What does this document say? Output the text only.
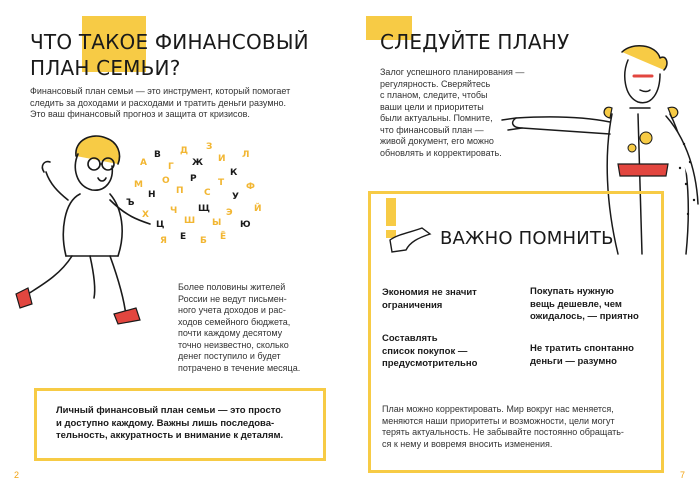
ЧТО ТАКОЕ ФИНАНСОВЫЙ
ПЛАН СЕМЬИ?
Финансовый план семьи — это инструмент, который помогает
следить за доходами и расходами и тратить деньги разумно.
Это ваш финансовый прогноз и защита от кризисов.
A
B
Г
Д
Ж
З
И
К
Л
М
Н
О
П
Р
С
Т
У
Ф
Х
Ц
Ч
Ш
Щ
Ы
Э
Ю
Я Е Б Ё
Й
Ъ
Более половины жителей
России не ведут письмен-
ного учета доходов и рас-
ходов семейного бюджета,
почти каждому десятому
точно неизвестно, сколько
денег поступило и будет
потрачено в течение месяца.
Личный финансовый план семьи — это просто
и доступно каждому. Важны лишь последова-
тельность, аккуратность и внимание к деталям.
2
СЛЕДУЙТЕ ПЛАНУ
Залог успешного планирования —
регулярность. Сверяйтесь
с планом, следите, чтобы
ваши цели и приоритеты
были актуальны. Помните,
что финансовый план —
живой документ, его можно
обновлять и корректировать.
ВАЖНО ПОМНИТЬ
Экономия не значит
ограничения
Покупать нужную
вещь дешевле, чем
ожидалось, — приятно
Составлять
список покупок —
предусмотрительно
Не тратить спонтанно
деньги — разумно
План можно корректировать. Мир вокруг нас меняется,
меняются наши приоритеты и возможности, цели могут
терять актуальность. Не забывайте постоянно обращать-
ся к нему и вовремя вносить изменения.
7
